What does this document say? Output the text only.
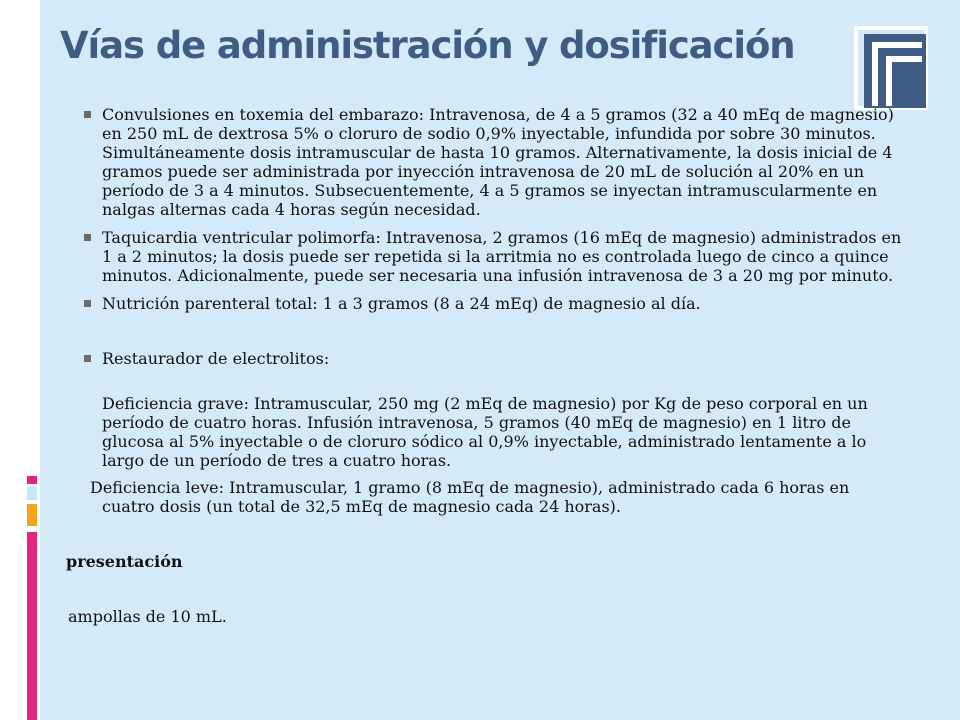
Vías de administración y dosificación
Convulsiones en toxemia del embarazo: Intravenosa, de 4 a 5 gramos (32 a 40 mEq de magnesio) en 250 mL de dextrosa 5% o cloruro de sodio 0,9% inyectable, infundida por sobre 30 minutos. Simultáneamente dosis intramuscular de hasta 10 gramos. Alternativamente, la dosis inicial de 4 gramos puede ser administrada por inyección intravenosa de 20 mL de solución al 20% en un período de 3 a 4 minutos. Subsecuentemente, 4 a 5 gramos se inyectan intramuscularmente en nalgas alternas cada 4 horas según necesidad.
Taquicardia ventricular polimorfa: Intravenosa, 2 gramos (16 mEq de magnesio) administrados en 1 a 2 minutos; la dosis puede ser repetida si la arritmia no es controlada luego de cinco a quince minutos. Adicionalmente, puede ser necesaria una infusión intravenosa de 3 a 20 mg por minuto.
Nutrición parenteral total: 1 a 3 gramos (8 a 24 mEq) de magnesio al día.
Restaurador de electrolitos:
Deficiencia grave: Intramuscular, 250 mg (2 mEq de magnesio) por Kg de peso corporal en un período de cuatro horas. Infusión intravenosa, 5 gramos (40 mEq de magnesio) en 1 litro de glucosa al 5% inyectable o de cloruro sódico al 0,9% inyectable, administrado lentamente a lo largo de un período de tres a cuatro horas.
Deficiencia leve: Intramuscular, 1 gramo (8 mEq de magnesio), administrado cada 6 horas en cuatro dosis (un total de 32,5 mEq de magnesio cada 24 horas).
presentación
ampollas de 10 mL.
